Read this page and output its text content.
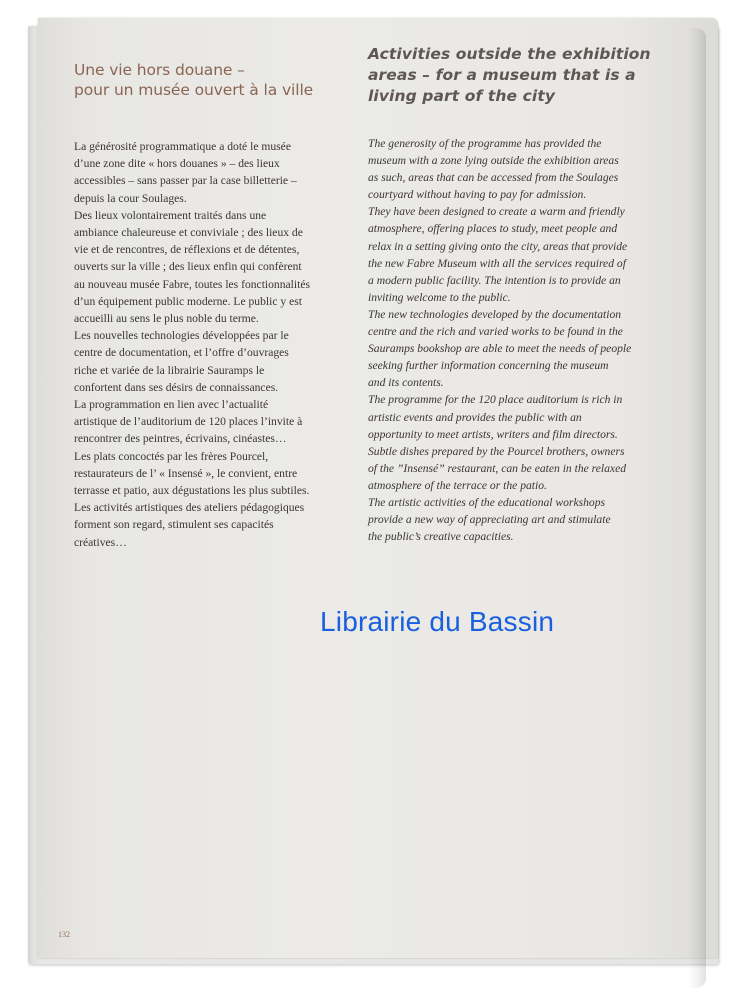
Une vie hors douane –
pour un musée ouvert à la ville
La générosité programmatique a doté le musée
d’une zone dite « hors douanes » – des lieux
accessibles – sans passer par la case billetterie –
depuis la cour Soulages.
Des lieux volontairement traités dans une
ambiance chaleureuse et conviviale ; des lieux de
vie et de rencontres, de réflexions et de détentes,
ouverts sur la ville ; des lieux enfin qui confèrent
au nouveau musée Fabre, toutes les fonctionnalités
d’un équipement public moderne. Le public y est
accueilli au sens le plus noble du terme.
Les nouvelles technologies développées par le
centre de documentation, et l’offre d’ouvrages
riche et variée de la librairie Sauramps le
confortent dans ses désirs de connaissances.
La programmation en lien avec l’actualité
artistique de l’auditorium de 120 places l’invite à
rencontrer des peintres, écrivains, cinéastes…
Les plats concoctés par les frères Pourcel,
restaurateurs de l’ « Insensé », le convient, entre
terrasse et patio, aux dégustations les plus subtiles.
Les activités artistiques des ateliers pédagogiques
forment son regard, stimulent ses capacités
créatives…
Activities outside the exhibition
areas – for a museum that is a
living part of the city
The generosity of the programme has provided the
museum with a zone lying outside the exhibition areas
as such, areas that can be accessed from the Soulages
courtyard without having to pay for admission.
They have been designed to create a warm and friendly
atmosphere, offering places to study, meet people and
relax in a setting giving onto the city, areas that provide
the new Fabre Museum with all the services required of
a modern public facility. The intention is to provide an
inviting welcome to the public.
The new technologies developed by the documentation
centre and the rich and varied works to be found in the
Sauramps bookshop are able to meet the needs of people
seeking further information concerning the museum
and its contents.
The programme for the 120 place auditorium is rich in
artistic events and provides the public with an
opportunity to meet artists, writers and film directors.
Subtle dishes prepared by the Pourcel brothers, owners
of the ”Insensé” restaurant, can be eaten in the relaxed
atmosphere of the terrace or the patio.
The artistic activities of the educational workshops
provide a new way of appreciating art and stimulate
the public’s creative capacities.
Librairie du Bassin
132
